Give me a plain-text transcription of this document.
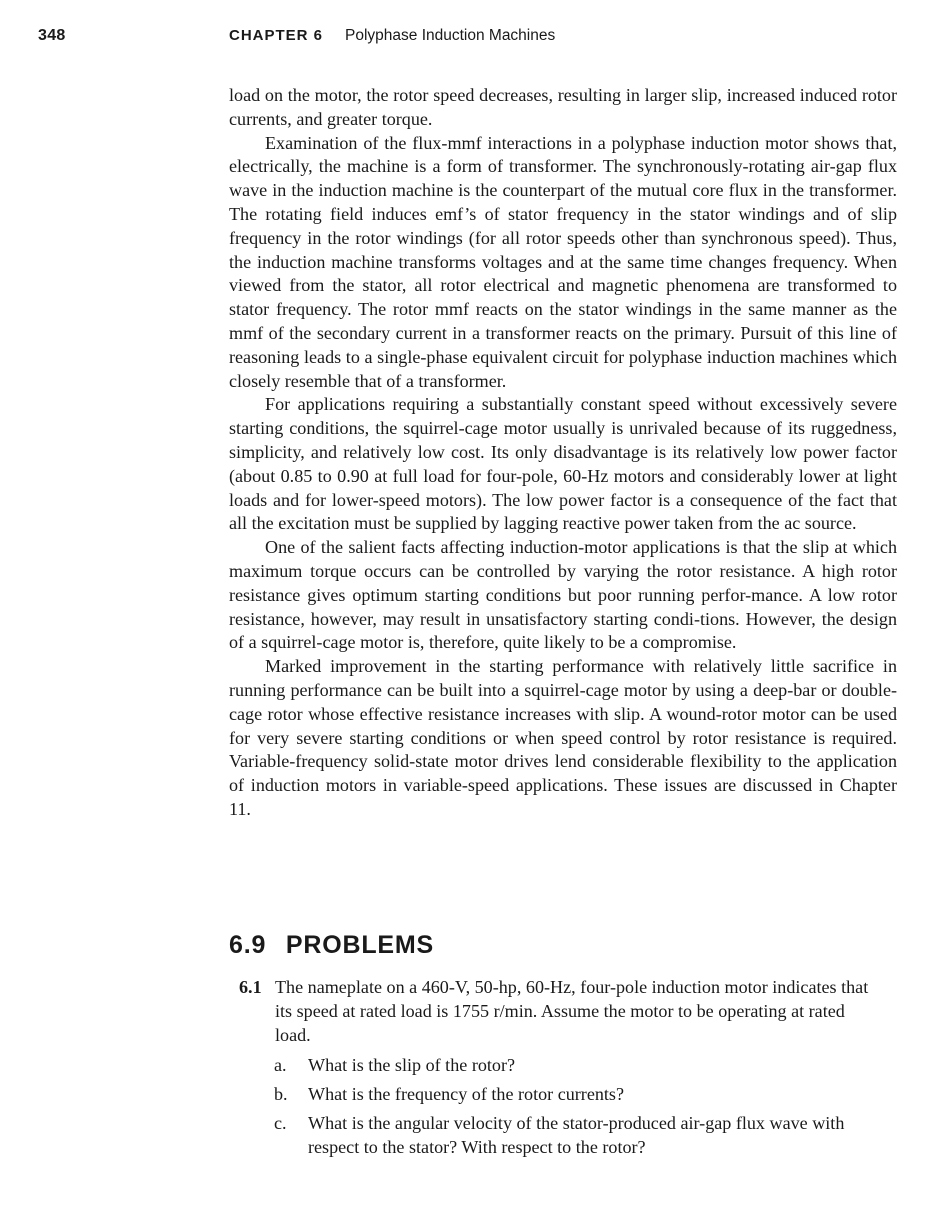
348	CHAPTER 6 Polyphase Induction Machines

load on the motor, the rotor speed decreases, resulting in larger slip, increased induced rotor currents, and greater torque.

Examination of the flux-mmf interactions in a polyphase induction motor shows that, electrically, the machine is a form of transformer. The synchronously-rotating air-gap flux wave in the induction machine is the counterpart of the mutual core flux in the transformer. The rotating field induces emf’s of stator frequency in the stator windings and of slip frequency in the rotor windings (for all rotor speeds other than synchronous speed). Thus, the induction machine transforms voltages and at the same time changes frequency. When viewed from the stator, all rotor electrical and magnetic phenomena are transformed to stator frequency. The rotor mmf reacts on the stator windings in the same manner as the mmf of the secondary current in a transformer reacts on the primary. Pursuit of this line of reasoning leads to a single-phase equivalent circuit for polyphase induction machines which closely resemble that of a transformer.

For applications requiring a substantially constant speed without excessively severe starting conditions, the squirrel-cage motor usually is unrivaled because of its ruggedness, simplicity, and relatively low cost. Its only disadvantage is its relatively low power factor (about 0.85 to 0.90 at full load for four-pole, 60-Hz motors and considerably lower at light loads and for lower-speed motors). The low power factor is a consequence of the fact that all the excitation must be supplied by lagging reactive power taken from the ac source.

One of the salient facts affecting induction-motor applications is that the slip at which maximum torque occurs can be controlled by varying the rotor resistance. A high rotor resistance gives optimum starting conditions but poor running perfor-mance. A low rotor resistance, however, may result in unsatisfactory starting condi-tions. However, the design of a squirrel-cage motor is, therefore, quite likely to be a compromise.

Marked improvement in the starting performance with relatively little sacrifice in running performance can be built into a squirrel-cage motor by using a deep-bar or double-cage rotor whose effective resistance increases with slip. A wound-rotor motor can be used for very severe starting conditions or when speed control by rotor resistance is required. Variable-frequency solid-state motor drives lend considerable flexibility to the application of induction motors in variable-speed applications. These issues are discussed in Chapter 11.

6.9 PROBLEMS
6.1 The nameplate on a 460-V, 50-hp, 60-Hz, four-pole induction motor indicates that its speed at rated load is 1755 r/min. Assume the motor to be operating at rated load.
a. What is the slip of the rotor?
b. What is the frequency of the rotor currents?
c. What is the angular velocity of the stator-produced air-gap flux wave with respect to the stator? With respect to the rotor?
